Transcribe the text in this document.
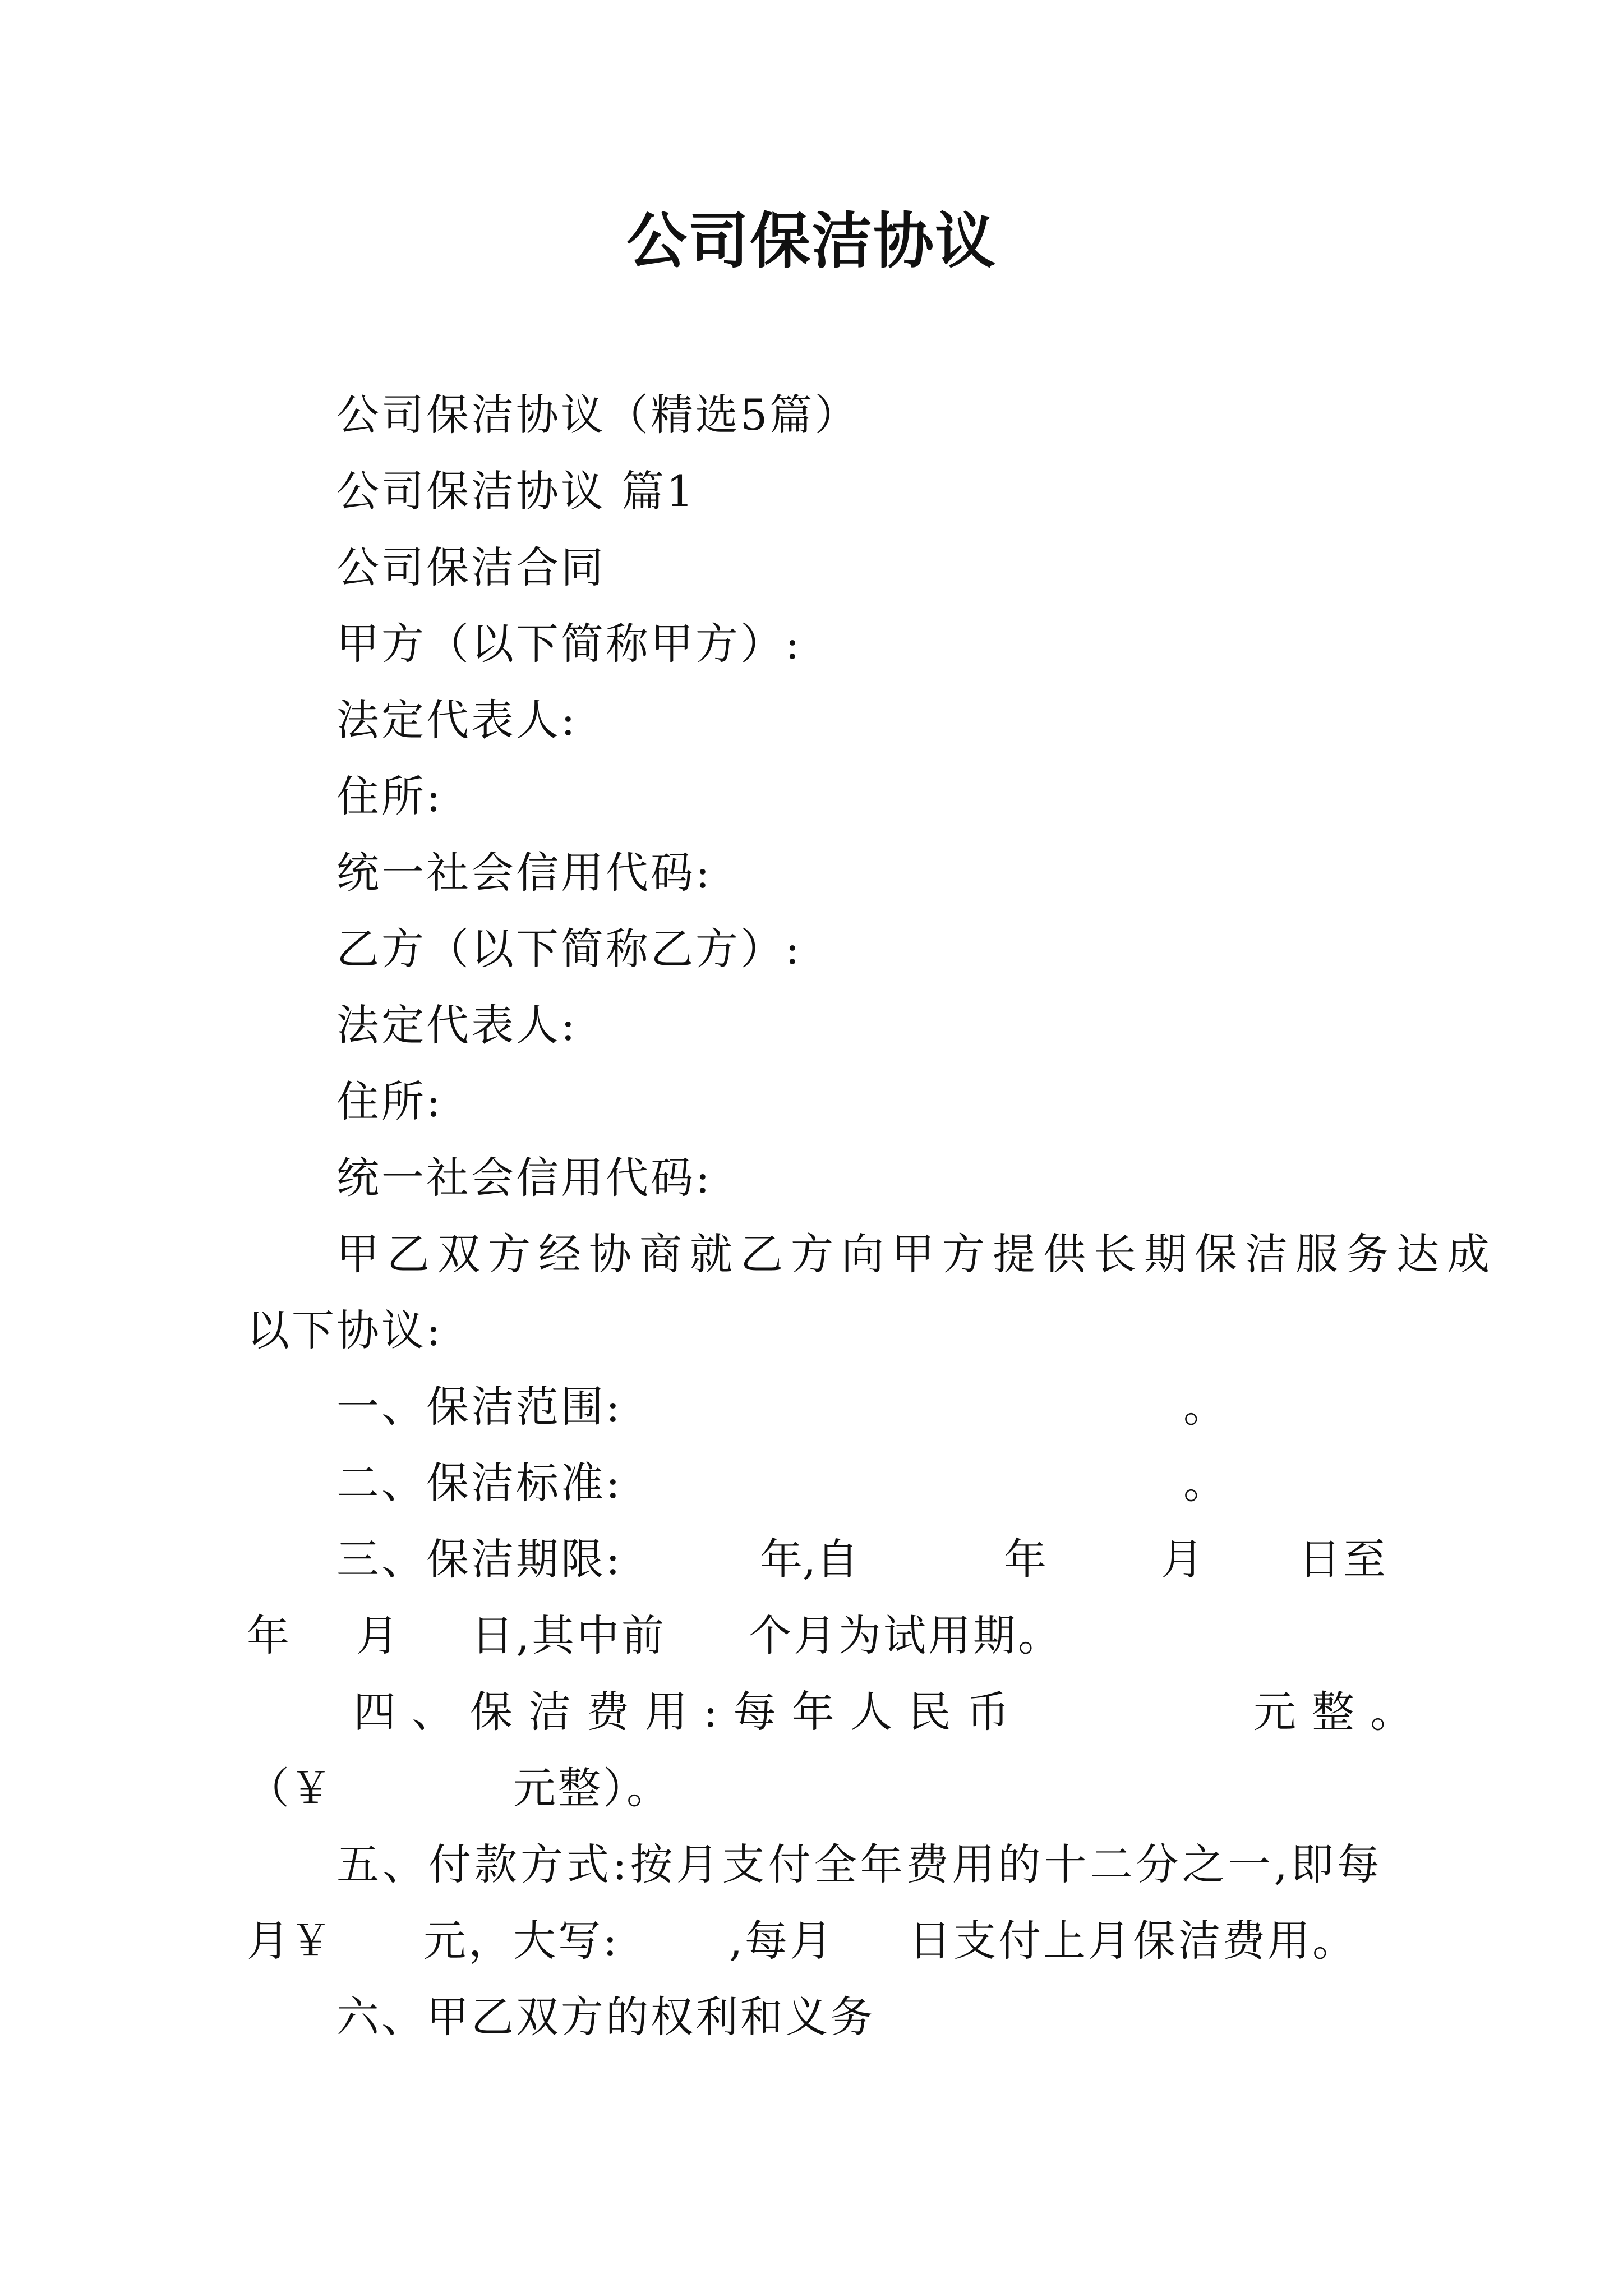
公司保洁协议
公司保洁协议（精选5篇）
公司保洁协议 篇1
公司保洁合同
甲方（以下简称甲方）:
法定代表人:
住所:
统一社会信用代码:
乙方（以下简称乙方）:
法定代表人:
住所:
统一社会信用代码:
甲乙双方经协商就乙方向甲方提供长期保洁服务达成
以下协议:
一、保洁范围:	。
二、保洁标准:	。
三、保洁期限:	年,自	年	月 日至
年 月 日,其中前 个月为试用期。
四、保洁费用:每年人民币	元整。
（￥	元整）。
五、付款方式:按月支付全年费用的十二分之一,即每
月￥ 元，大写:	,每月 日支付上月保洁费用。
六、甲乙双方的权利和义务
